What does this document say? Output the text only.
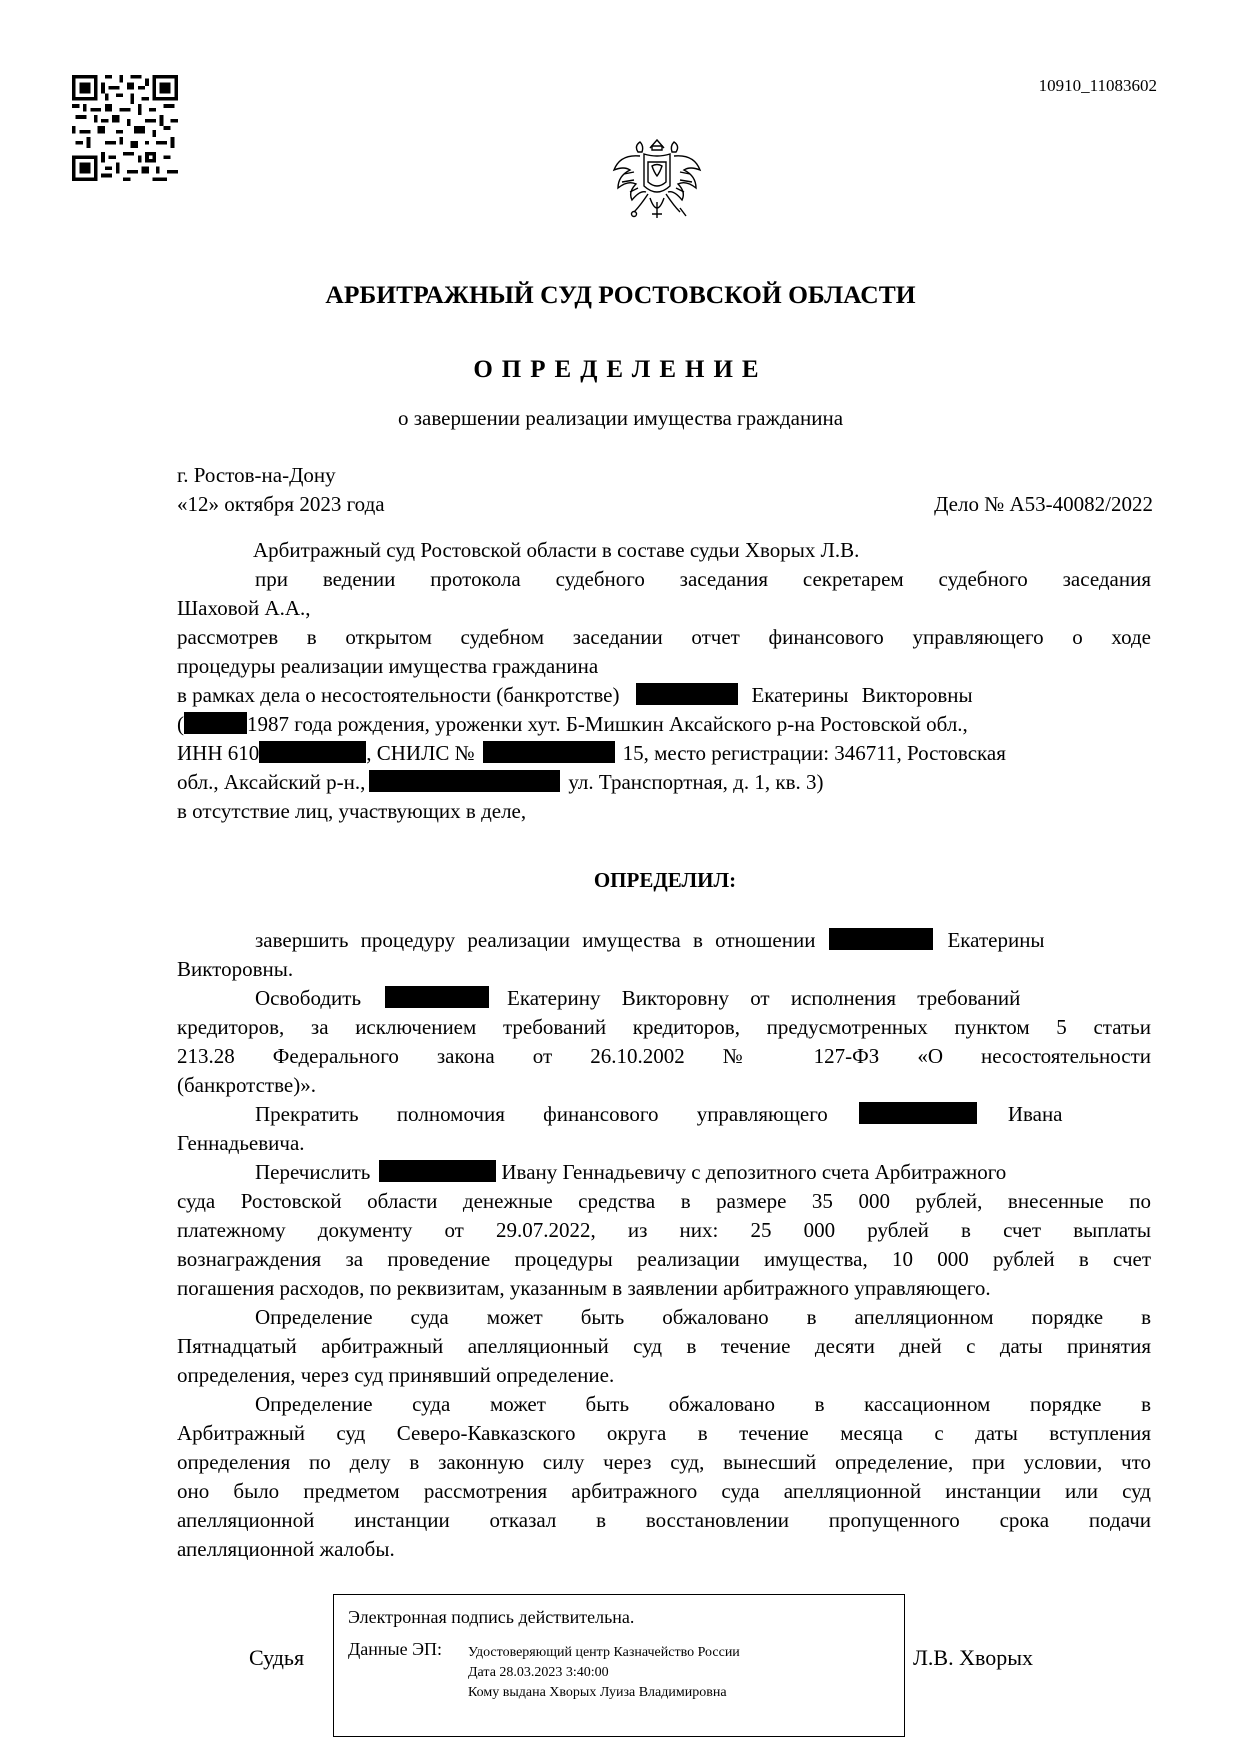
10910_11083602
АРБИТРАЖНЫЙ СУД РОСТОВСКОЙ ОБЛАСТИ
ОПРЕДЕЛЕНИЕ
о завершении реализации имущества гражданина
г. Ростов-на-Дону
«12» октября 2023 года	Дело № А53-40082/2022
Арбитражный суд Ростовской области в составе судьи Хворых Л.В.
при ведении протокола судебного заседания секретарем судебного заседания
Шаховой А.А.,
рассмотрев в открытом судебном заседании отчет финансового управляющего о ходе
процедуры реализации имущества гражданина
в рамках дела о несостоятельности (банкротстве)	Екатерины Викторовны
(	1987 года рождения, уроженки хут. Б-Мишкин Аксайского р-на Ростовской обл.,
ИНН 610	, СНИЛС №	15, место регистрации: 346711, Ростовская
обл., Аксайский р-н.,	ул. Транспортная, д. 1, кв. 3)
в отсутствие лиц, участвующих в деле,
ОПРЕДЕЛИЛ:
завершить процедуру реализации имущества в отношении	Екатерины
Викторовны.
Освободить	Екатерину Викторовну от исполнения требований
кредиторов, за исключением требований кредиторов, предусмотренных пунктом 5 статьи
213.28 Федерального закона от 26.10.2002 № 127-ФЗ «О несостоятельности
(банкротстве)».
Прекратить полномочия финансового управляющего	Ивана
Геннадьевича.
Перечислить	Ивану Геннадьевичу с депозитного счета Арбитражного
суда Ростовской области денежные средства в размере 35 000 рублей, внесенные по
платежному документу от 29.07.2022, из них: 25 000 рублей в счет выплаты
вознаграждения за проведение процедуры реализации имущества, 10 000 рублей в счет
погашения расходов, по реквизитам, указанным в заявлении арбитражного управляющего.
Определение суда может быть обжаловано в апелляционном порядке в
Пятнадцатый арбитражный апелляционный суд в течение десяти дней с даты принятия
определения, через суд принявший определение.
Определение суда может быть обжаловано в кассационном порядке в
Арбитражный суд Северо-Кавказского округа в течение месяца с даты вступления
определения по делу в законную силу через суд, вынесший определение, при условии, что
оно было предметом рассмотрения арбитражного суда апелляционной инстанции или суд
апелляционной инстанции отказал в восстановлении пропущенного срока подачи
апелляционной жалобы.
Судья
Электронная подпись действительна.
Данные ЭП: Удостоверяющий центр Казначейство России
Дата 28.03.2023 3:40:00
Кому выдана Хворых Луиза Владимировна
Л.В. Хворых
